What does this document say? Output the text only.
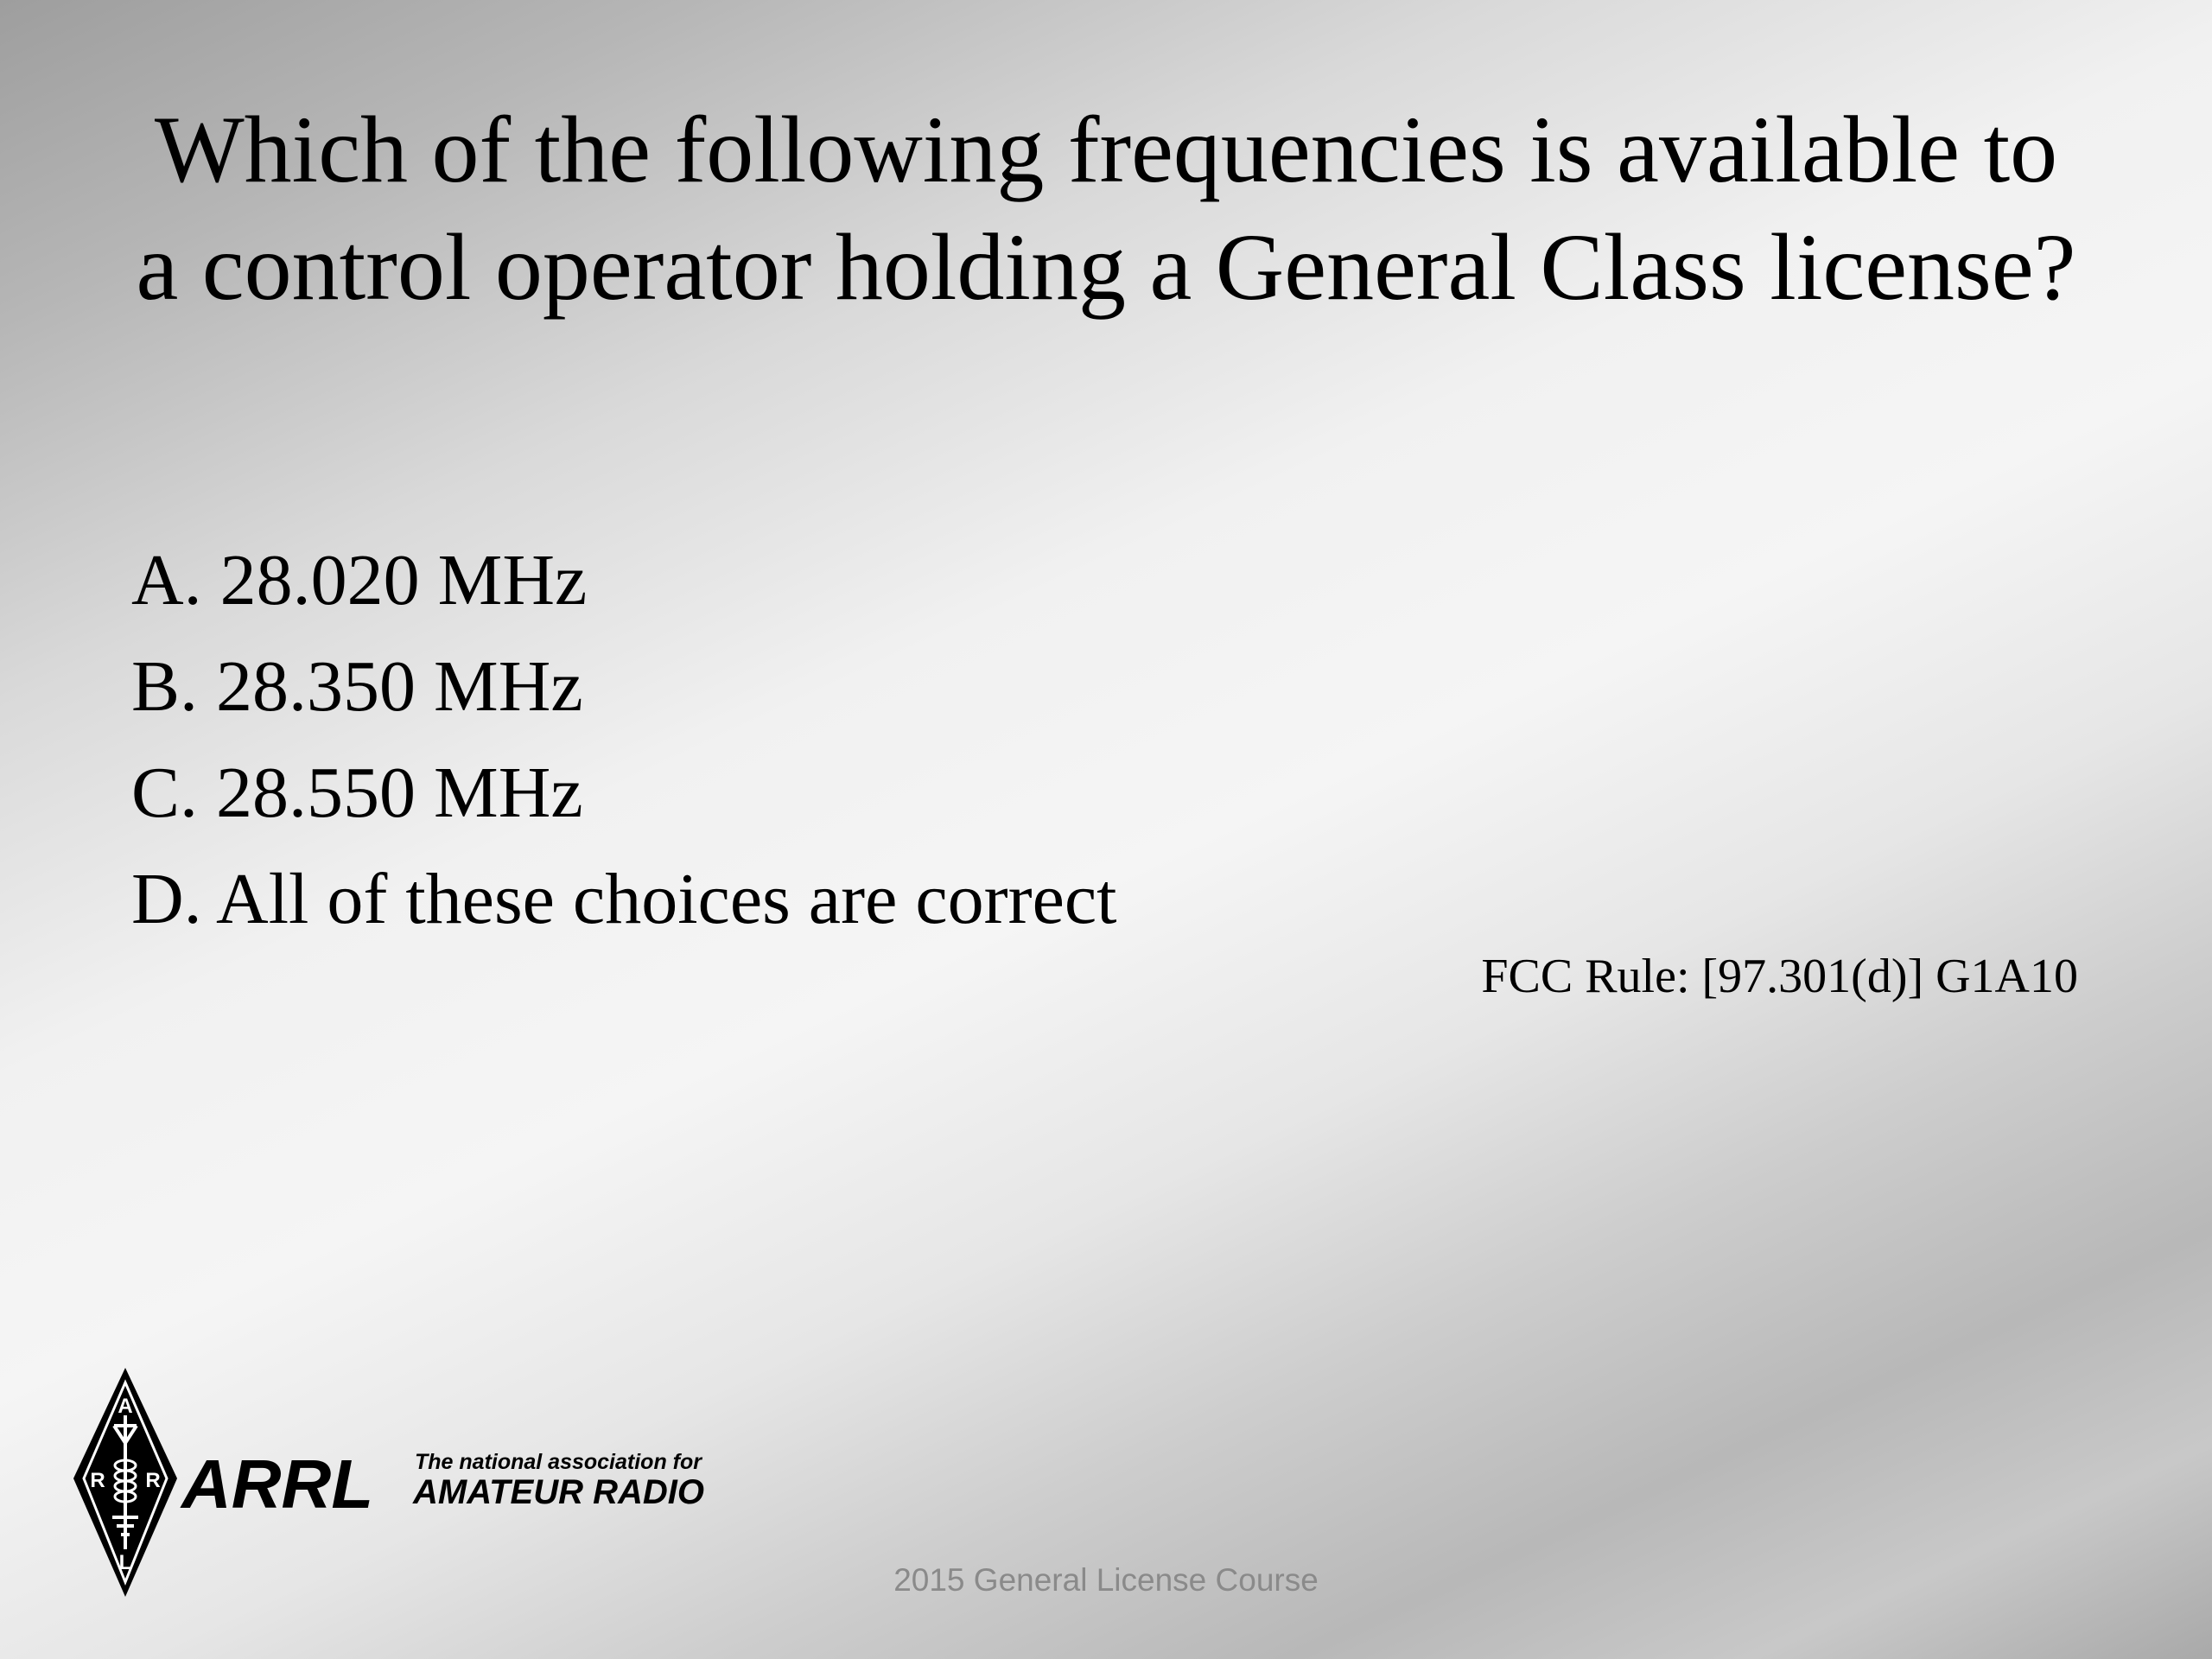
Which of the following frequencies is available to a control operator holding a General Class license?
A. 28.020 MHz
B. 28.350 MHz
C. 28.550 MHz
D. All of these choices are correct
FCC Rule: [97.301(d)] G1A10
A
R R
L
ARRL The national association for
AMATEUR RADIO
2015 General License Course
